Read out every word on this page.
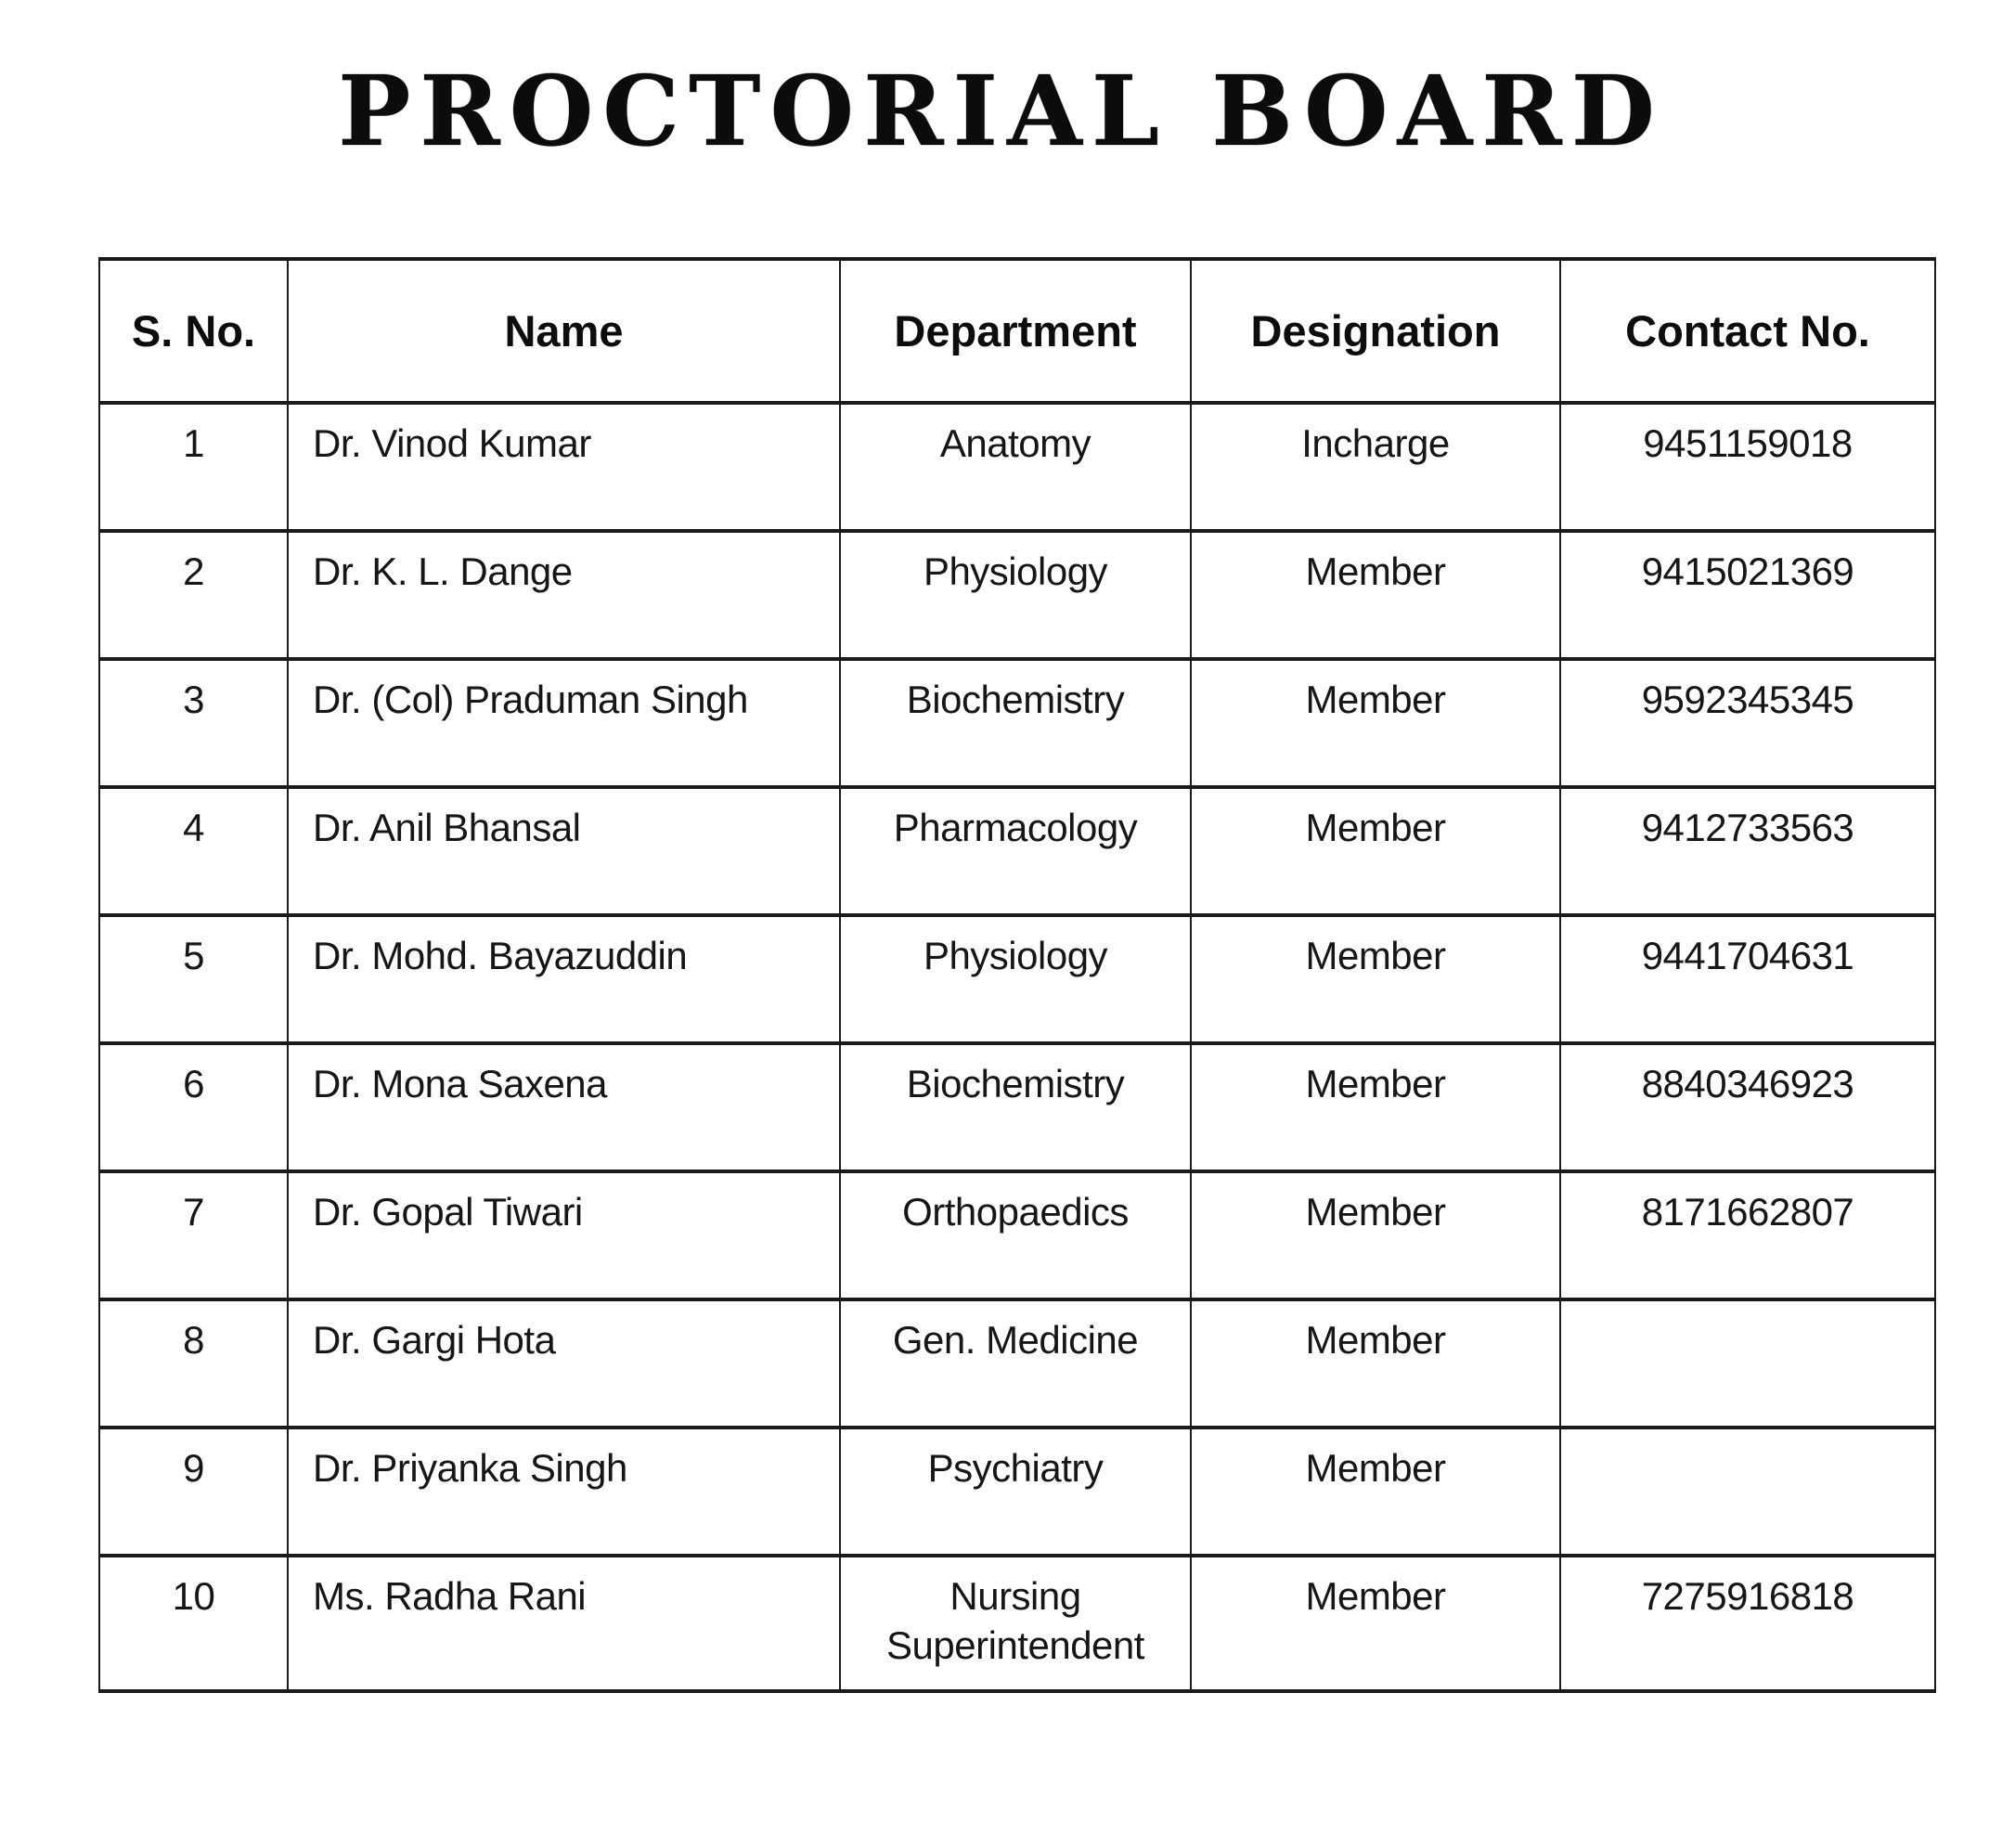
PROCTORIAL BOARD
S. No.	Name	Department	Designation	Contact No.
1	Dr. Vinod Kumar	Anatomy	Incharge	9451159018
2	Dr. K. L. Dange	Physiology	Member	9415021369
3	Dr. (Col) Praduman Singh	Biochemistry	Member	9592345345
4	Dr. Anil Bhansal	Pharmacology	Member	9412733563
5	Dr. Mohd. Bayazuddin	Physiology	Member	9441704631
6	Dr. Mona Saxena	Biochemistry	Member	8840346923
7	Dr. Gopal Tiwari	Orthopaedics	Member	8171662807
8	Dr. Gargi Hota	Gen. Medicine	Member	
9	Dr. Priyanka Singh	Psychiatry	Member	
10	Ms. Radha Rani	Nursing Superintendent	Member	7275916818
